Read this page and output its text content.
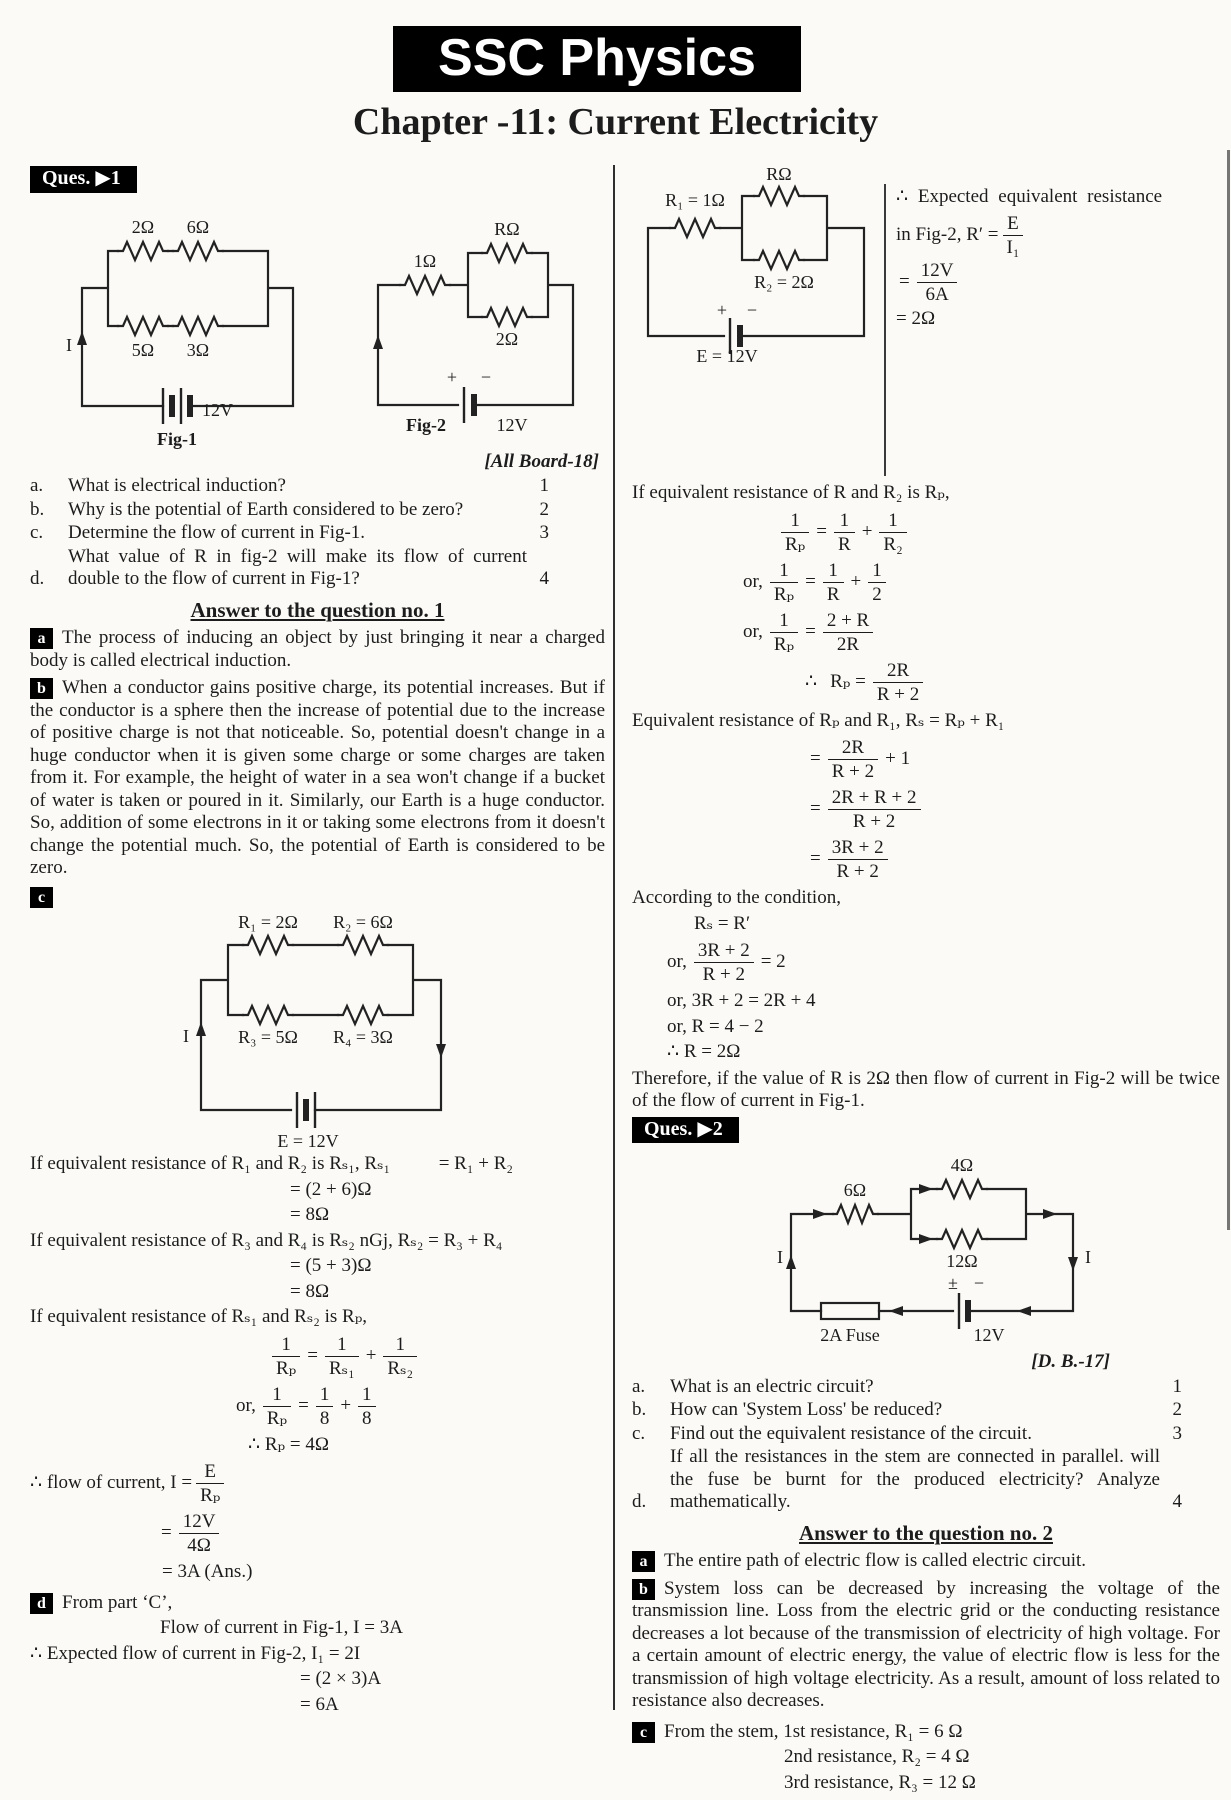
SSC Physics
Chapter -11: Current Electricity
Ques. ▶1
2Ω 6Ω
5Ω 3Ω
I
12V
Fig-1
1Ω
RΩ
2Ω
+ −
Fig-2	12V
[All Board-18]
a.	What is electrical induction?	1
b.	Why is the potential of Earth considered to be zero?	2
c.	Determine the flow of current in Fig-1.	3
d.
What value of R in fig-2 will make its flow of current double to the flow of current in Fig-1?	4
Answer to the question no. 1

a The process of inducing an object by just bringing it near a charged body is called electrical induction.

b When a conductor gains positive charge, its potential increases. But if the conductor is a sphere then the increase of potential due to the increase of positive charge is not that noticeable. So, potential doesn't change in a huge conductor when it is given some charge or some charges are taken from it. For example, the height of water in a sea won't change if a bucket of water is taken or poured in it. Similarly, our Earth is a huge conductor. So, addition of some electrons in it or taking some electrons from it doesn't change the potential much. So, the potential of Earth is considered to be zero.

c
R₁ = 2Ω R₂ = 6Ω
R₃ = 5Ω R₄ = 3Ω
I
E = 12V
If equivalent resistance of R₁ and R₂ is Rₛ₁, Rₛ₁	= R₁ + R₂
= (2 + 6)Ω
= 8Ω
If equivalent resistance of R₃ and R₄ is Rₛ₂ nGj, Rₛ₂ = R₃ + R₄
= (5 + 3)Ω
= 8Ω
If equivalent resistance of Rₛ₁ and Rₛ₂ is Rₚ,
$\frac{1}{\text{Rₚ}} = \frac{1}{\text{Rₛ₁}} + \frac{1}{\text{Rₛ₂}}$
or, $\frac{1}{\text{Rₚ}} = \frac{1}{8} + \frac{1}{8}$
∴ Rₚ = 4Ω
∴ flow of current, $I = \frac{E}{\text{Rₚ}}$
= $\frac{12V}{4\Omega}$
= 3A (Ans.)
d From part ‘C’,
Flow of current in Fig-1, I = 3A
∴ Expected flow of current in Fig-2, I₁ = 2I
= (2 × 3)A
= 6A
R₁ = 1Ω
RΩ
R₂ = 2Ω
+ −
E = 12V
∴ Expected equivalent resistance
in Fig-2, $R' = \frac{E}{\text{I₁}}$
= $\frac{12V}{6A}$
= 2Ω
If equivalent resistance of R and R₂ is Rₚ,
$\frac{1}{\text{Rₚ}} = \frac{1}{R} + \frac{1}{\text{R₂}}$
or, $\frac{1}{\text{Rₚ}} = \frac{1}{R} + \frac{1}{2}$
or, $\frac{1}{\text{Rₚ}} = \frac{2 + R}{2R}$
∴ $R_p = \frac{2R}{R + 2}$
Equivalent resistance of Rₚ and R₁, Rₛ = Rₚ + R₁
= $\frac{2R}{R + 2} + 1$
= $\frac{2R + R + 2}{R + 2}$
= $\frac{3R + 2}{R + 2}$
According to the condition,
Rₛ = R′
or, $\frac{3R + 2}{R + 2} = 2$
or, 3R + 2 = 2R + 4
or, R = 4 − 2
∴ R = 2Ω

Therefore, if the value of R is 2Ω then flow of current in Fig-2 will be twice of the flow of current in Fig-1.

Ques. ▶2
6Ω
4Ω
12Ω
I	I
± −
2A Fuse	12V
[D. B.-17]
a.	What is an electric circuit?	1
b.	How can 'System Loss' be reduced?	2
c.	Find out the equivalent resistance of the circuit.	3
d.
If all the resistances in the stem are connected in parallel. will the fuse be burnt for the produced electricity? Analyze mathematically.	4
Answer to the question no. 2

a The entire path of electric flow is called electric circuit.

b System loss can be decreased by increasing the voltage of the transmission line. Loss from the electric grid or the conducting resistance decreases a lot because of the transmission of electricity of high voltage. For a certain amount of electric energy, the value of electric flow is less for the transmission of high voltage electricity. As a result, amount of loss related to resistance also decreases.

c From the stem, 1st resistance, R₁ = 6 Ω
2nd resistance, R₂ = 4 Ω
3rd resistance, R₃ = 12 Ω
